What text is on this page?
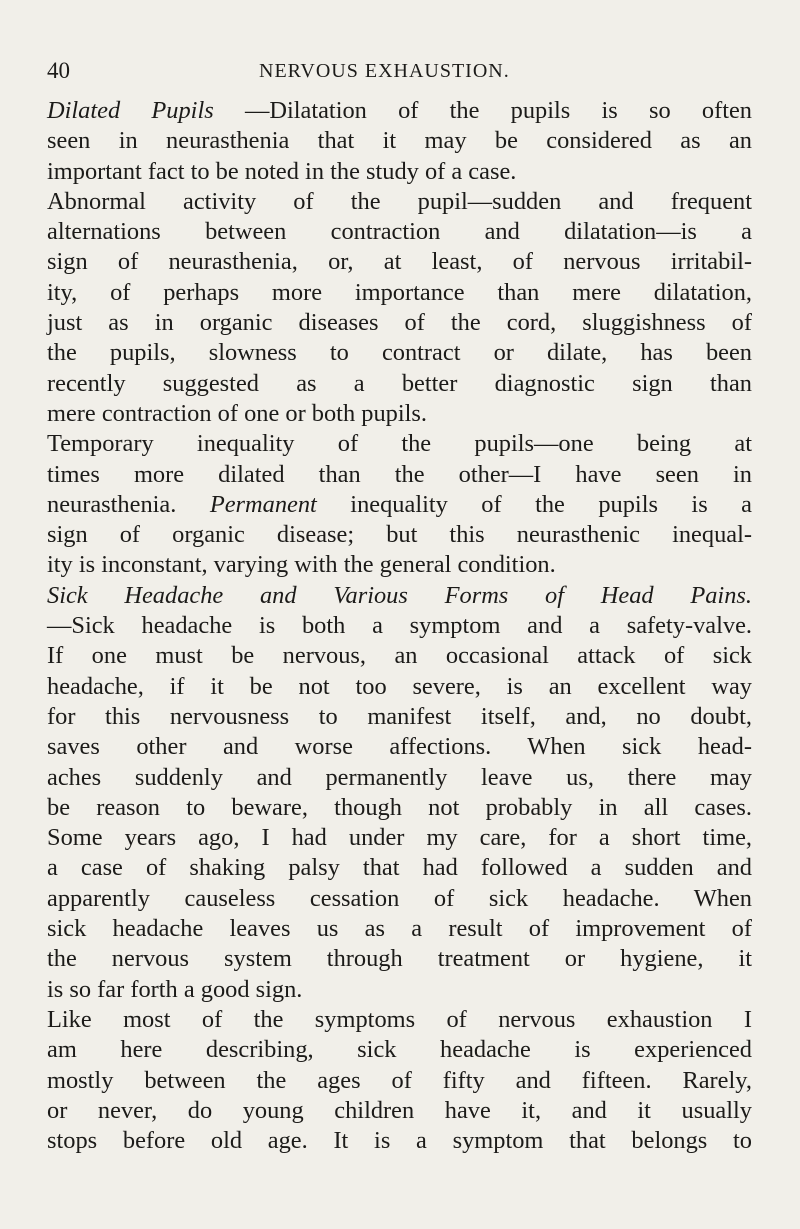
40	NERVOUS EXHAUSTION.
Dilated Pupils —Dilatation of the pupils is so often
seen in neurasthenia that it may be considered as an
important fact to be noted in the study of a case.
Abnormal activity of the pupil—sudden and frequent
alternations between contraction and dilatation—is a
sign of neurasthenia, or, at least, of nervous irritabil-
ity, of perhaps more importance than mere dilatation,
just as in organic diseases of the cord, sluggishness of
the pupils, slowness to contract or dilate, has been
recently suggested as a better diagnostic sign than
mere contraction of one or both pupils.
Temporary inequality of the pupils—one being at
times more dilated than the other—I have seen in
neurasthenia. Permanent inequality of the pupils is a
sign of organic disease; but this neurasthenic inequal-
ity is inconstant, varying with the general condition.
Sick Headache and Various Forms of Head Pains.
—Sick headache is both a symptom and a safety-valve.
If one must be nervous, an occasional attack of sick
headache, if it be not too severe, is an excellent way
for this nervousness to manifest itself, and, no doubt,
saves other and worse affections. When sick head-
aches suddenly and permanently leave us, there may
be reason to beware, though not probably in all cases.
Some years ago, I had under my care, for a short time,
a case of shaking palsy that had followed a sudden and
apparently causeless cessation of sick headache. When
sick headache leaves us as a result of improvement of
the nervous system through treatment or hygiene, it
is so far forth a good sign.
Like most of the symptoms of nervous exhaustion I
am here describing, sick headache is experienced
mostly between the ages of fifty and fifteen. Rarely,
or never, do young children have it, and it usually
stops before old age. It is a symptom that belongs to
